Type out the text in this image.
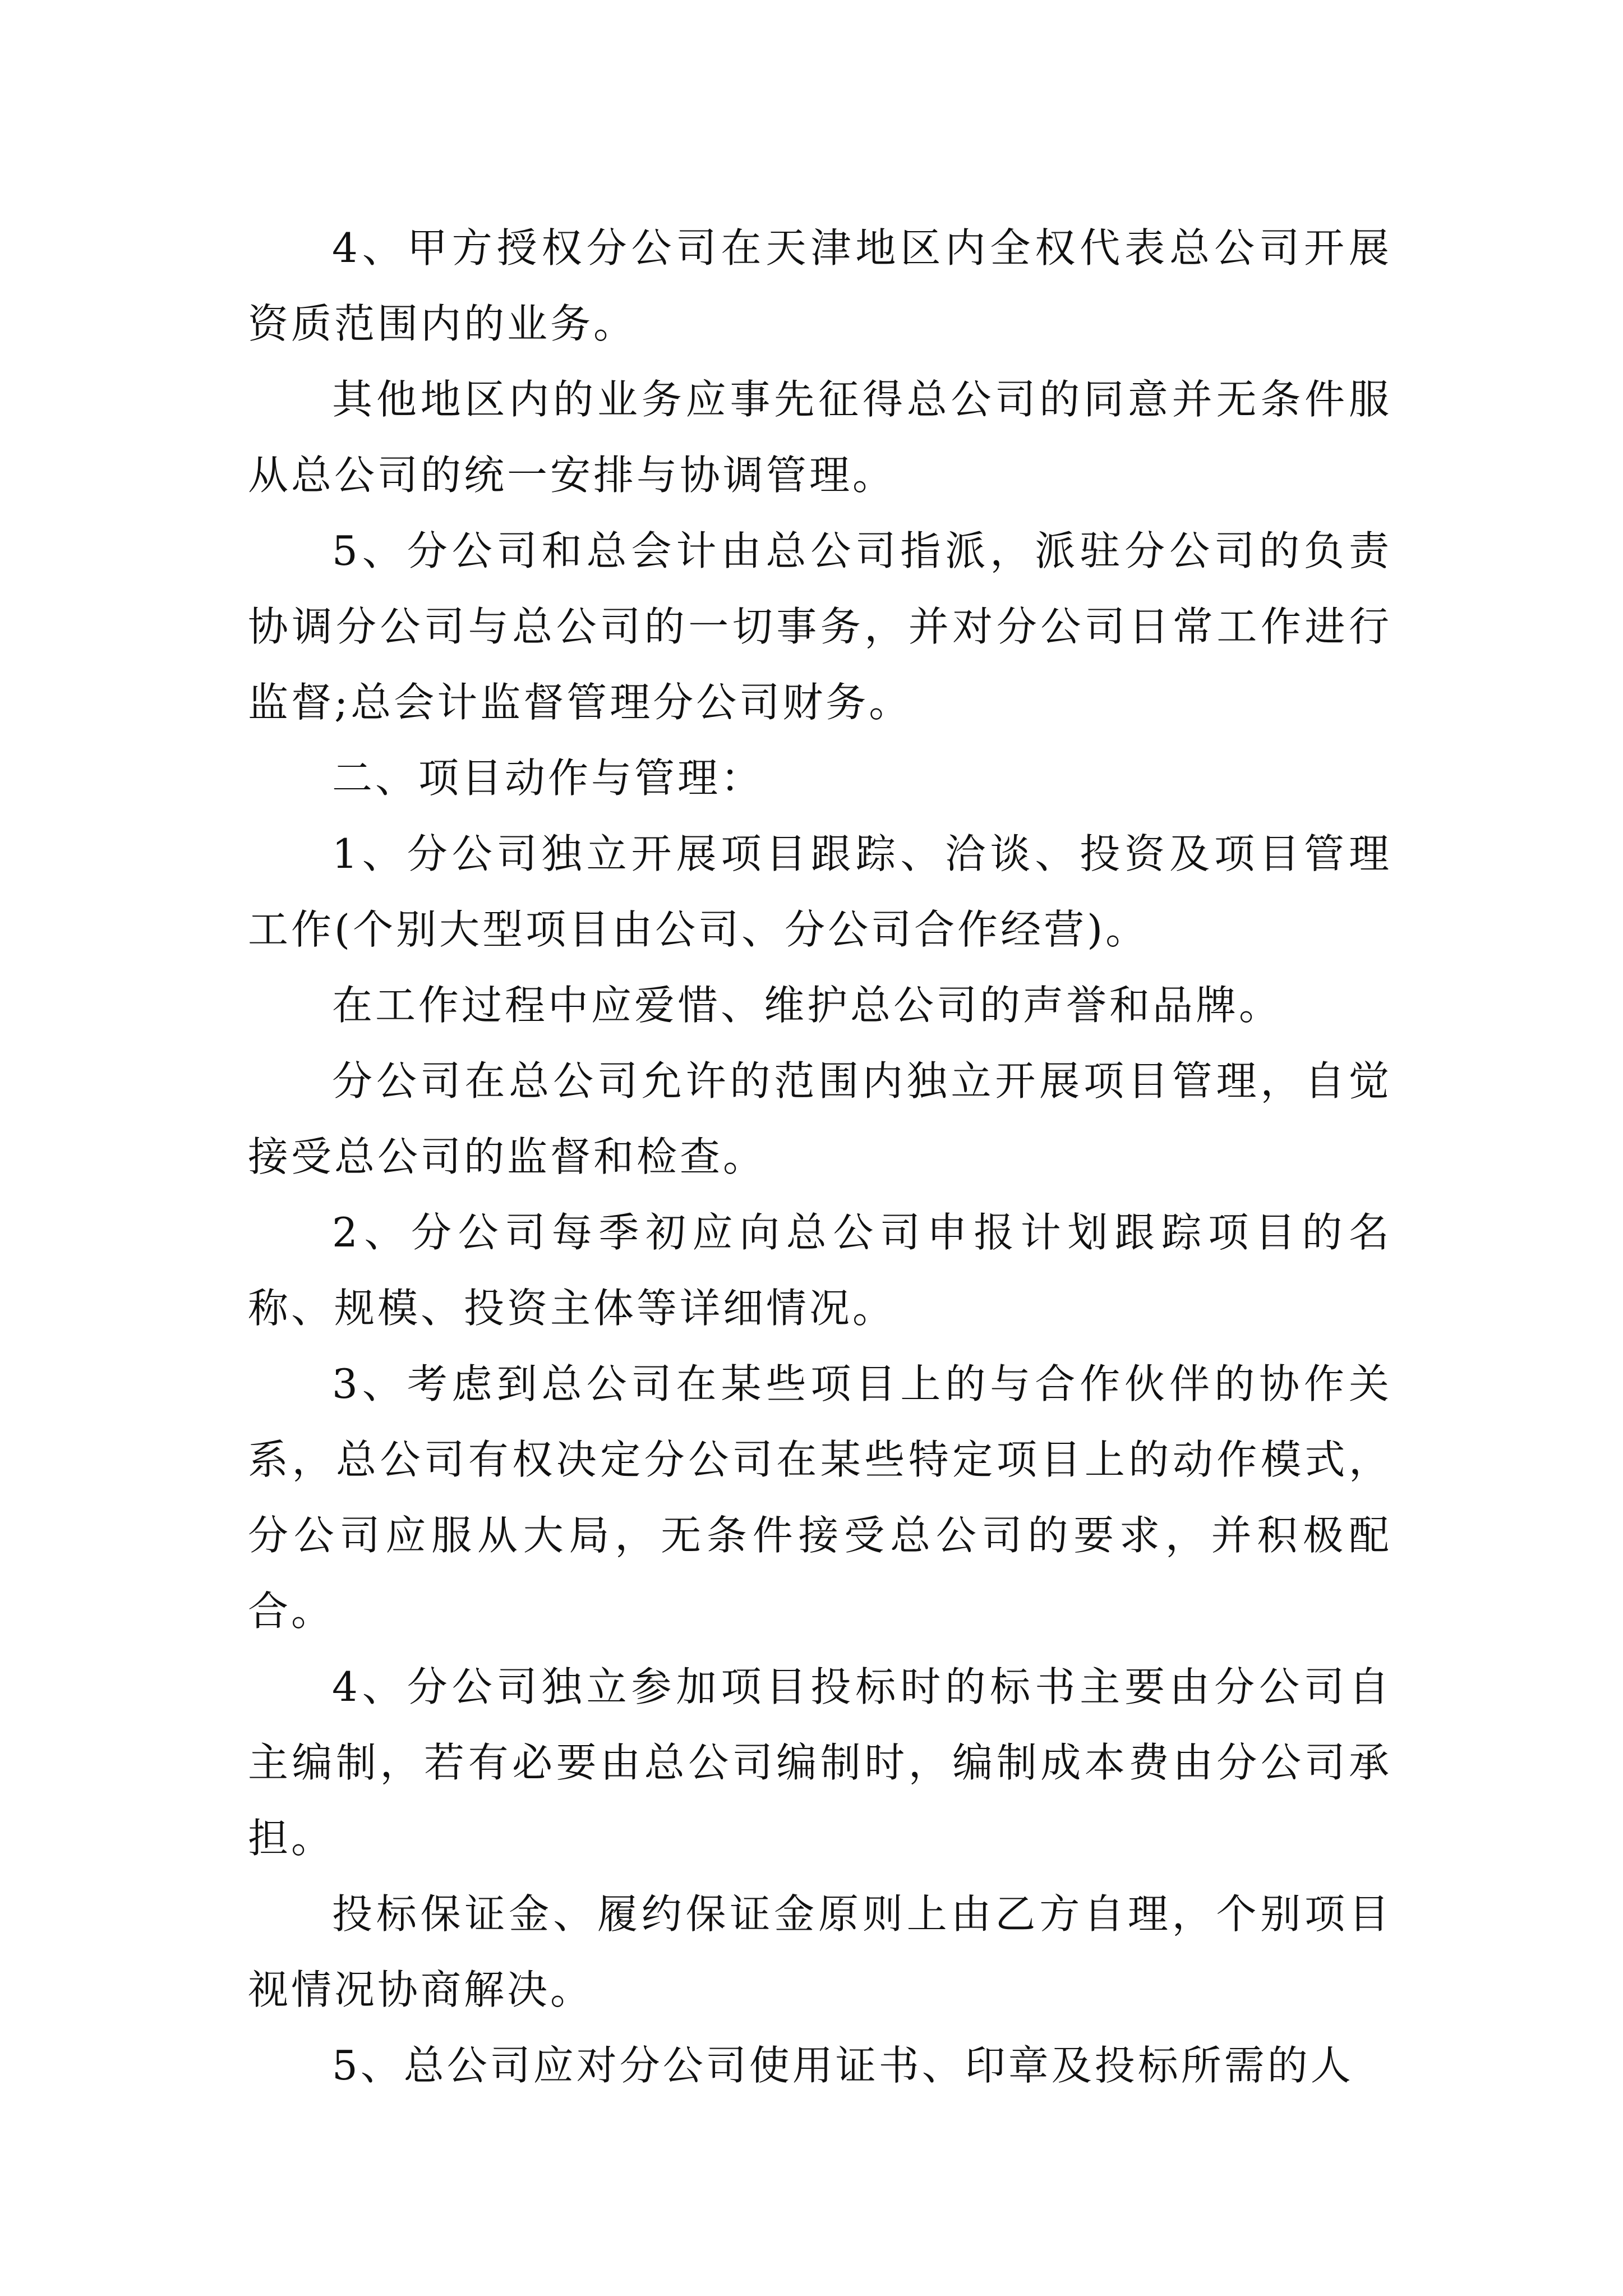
4、甲方授权分公司在天津地区内全权代表总公司开展资质范围内的业务。

其他地区内的业务应事先征得总公司的同意并无条件服从总公司的统一安排与协调管理。

5、分公司和总会计由总公司指派，派驻分公司的负责协调分公司与总公司的一切事务，并对分公司日常工作进行监督;总会计监督管理分公司财务。

二、项目动作与管理：

1、分公司独立开展项目跟踪、洽谈、投资及项目管理工作(个别大型项目由公司、分公司合作经营)。

在工作过程中应爱惜、维护总公司的声誉和品牌。

分公司在总公司允许的范围内独立开展项目管理，自觉接受总公司的监督和检查。

2、分公司每季初应向总公司申报计划跟踪项目的名称、规模、投资主体等详细情况。

3、考虑到总公司在某些项目上的与合作伙伴的协作关系，总公司有权决定分公司在某些特定项目上的动作模式，分公司应服从大局，无条件接受总公司的要求，并积极配合。

4、分公司独立参加项目投标时的标书主要由分公司自主编制，若有必要由总公司编制时，编制成本费由分公司承担。

投标保证金、履约保证金原则上由乙方自理，个别项目视情况协商解决。

5、总公司应对分公司使用证书、印章及投标所需的人
